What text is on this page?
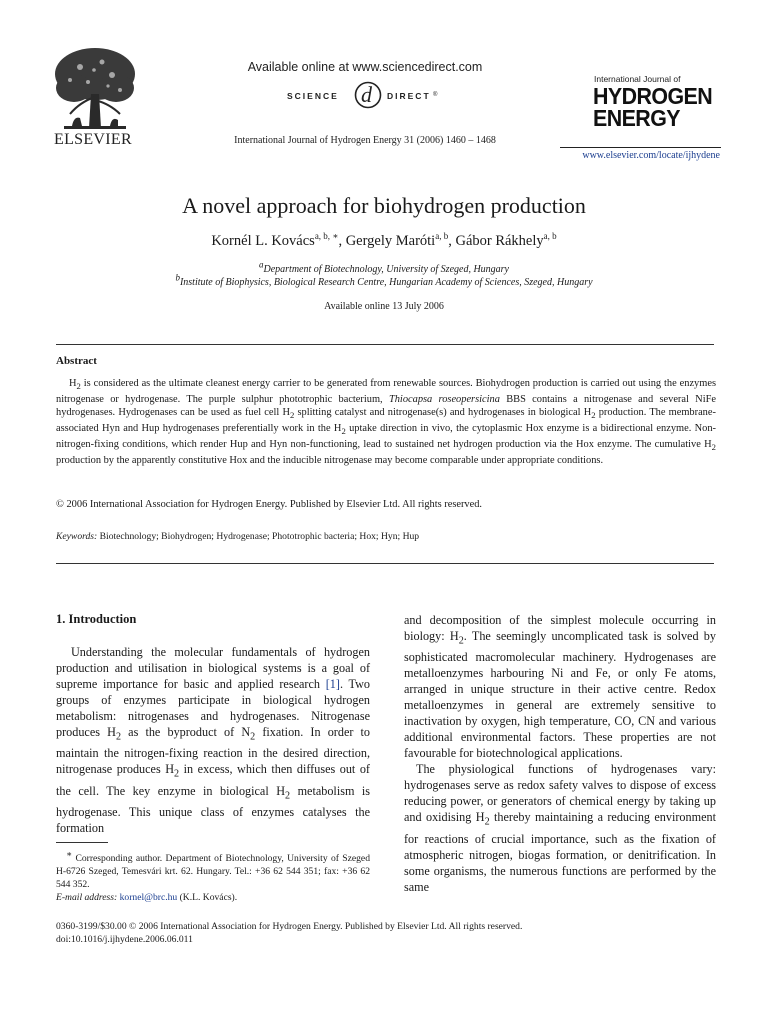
ELSEVIER
Available online at www.sciencedirect.com
SCIENCE d DIRECT ®
International Journal of Hydrogen Energy 31 (2006) 1460 – 1468
International Journal of
HYDROGEN
ENERGY
www.elsevier.com/locate/ijhydene
A novel approach for biohydrogen production
Kornél L. Kovács$^{a, b, ∗}$, Gergely Maróti$^{a, b}$, Gábor Rákhely$^{a, b}$
aDepartment of Biotechnology, University of Szeged, Hungary
bInstitute of Biophysics, Biological Research Centre, Hungarian Academy of Sciences, Szeged, Hungary
Available online 13 July 2006
Abstract

$H_2$ is considered as the ultimate cleanest energy carrier to be generated from renewable sources. Biohydrogen production is carried out using the enzymes nitrogenase or hydrogenase. The purple sulphur phototrophic bacterium, Thiocapsa roseopersicina BBS contains a nitrogenase and several NiFe hydrogenases. Hydrogenases can be used as fuel cell $H_2$ splitting catalyst and nitrogenase(s) and hydrogenases in biological $H_2$ production. The membrane-associated Hyn and Hup hydrogenases preferentially work in the $H_2$ uptake direction in vivo, the cytoplasmic Hox enzyme is a bidirectional enzyme. Non-nitrogen-fixing conditions, which render Hup and Hyn non-functioning, lead to sustained net hydrogen production via the Hox enzyme. The cumulative $H_2$ production by the apparently constitutive Hox and the inducible nitrogenase may become comparable under appropriate conditions.

© 2006 International Association for Hydrogen Energy. Published by Elsevier Ltd. All rights reserved.
Keywords: Biotechnology; Biohydrogen; Hydrogenase; Phototrophic bacteria; Hox; Hyn; Hup
1. Introduction

Understanding the molecular fundamentals of hydrogen production and utilisation in biological systems is a goal of supreme importance for basic and applied research [1]. Two groups of enzymes participate in biological hydrogen metabolism: nitrogenases and hydrogenases. Nitrogenase produces $H_2$ as the byproduct of $N_2$ fixation. In order to maintain the nitrogen-fixing reaction in the desired direction, nitrogenase produces $H_2$ in excess, which then diffuses out of the cell. The key enzyme in biological $H_2$ metabolism is hydrogenase. This unique class of enzymes catalyses the formation

and decomposition of the simplest molecule occurring in biology: $H_2$. The seemingly uncomplicated task is solved by sophisticated macromolecular machinery. Hydrogenases are metalloenzymes harbouring Ni and Fe, or only Fe atoms, arranged in unique structure in their active centre. Redox metalloenzymes in general are extremely sensitive to inactivation by oxygen, high temperature, CO, CN and various additional environmental factors. These properties are not favourable for biotechnological applications.

The physiological functions of hydrogenases vary: hydrogenases serve as redox safety valves to dispose of excess reducing power, or generators of chemical energy by taking up and oxidising $H_2$ thereby maintaining a reducing environment for reactions of crucial importance, such as the fixation of atmospheric nitrogen, biogas formation, or denitrification. In some organisms, the numerous functions are performed by the same

∗ Corresponding author. Department of Biotechnology, University of Szeged H-6726 Szeged, Temesvári krt. 62. Hungary. Tel.: +36 62 544 351; fax: +36 62 544 352.
E-mail address: kornel@brc.hu (K.L. Kovács).

0360-3199/$30.00 © 2006 International Association for Hydrogen Energy. Published by Elsevier Ltd. All rights reserved.
doi:10.1016/j.ijhydene.2006.06.011
